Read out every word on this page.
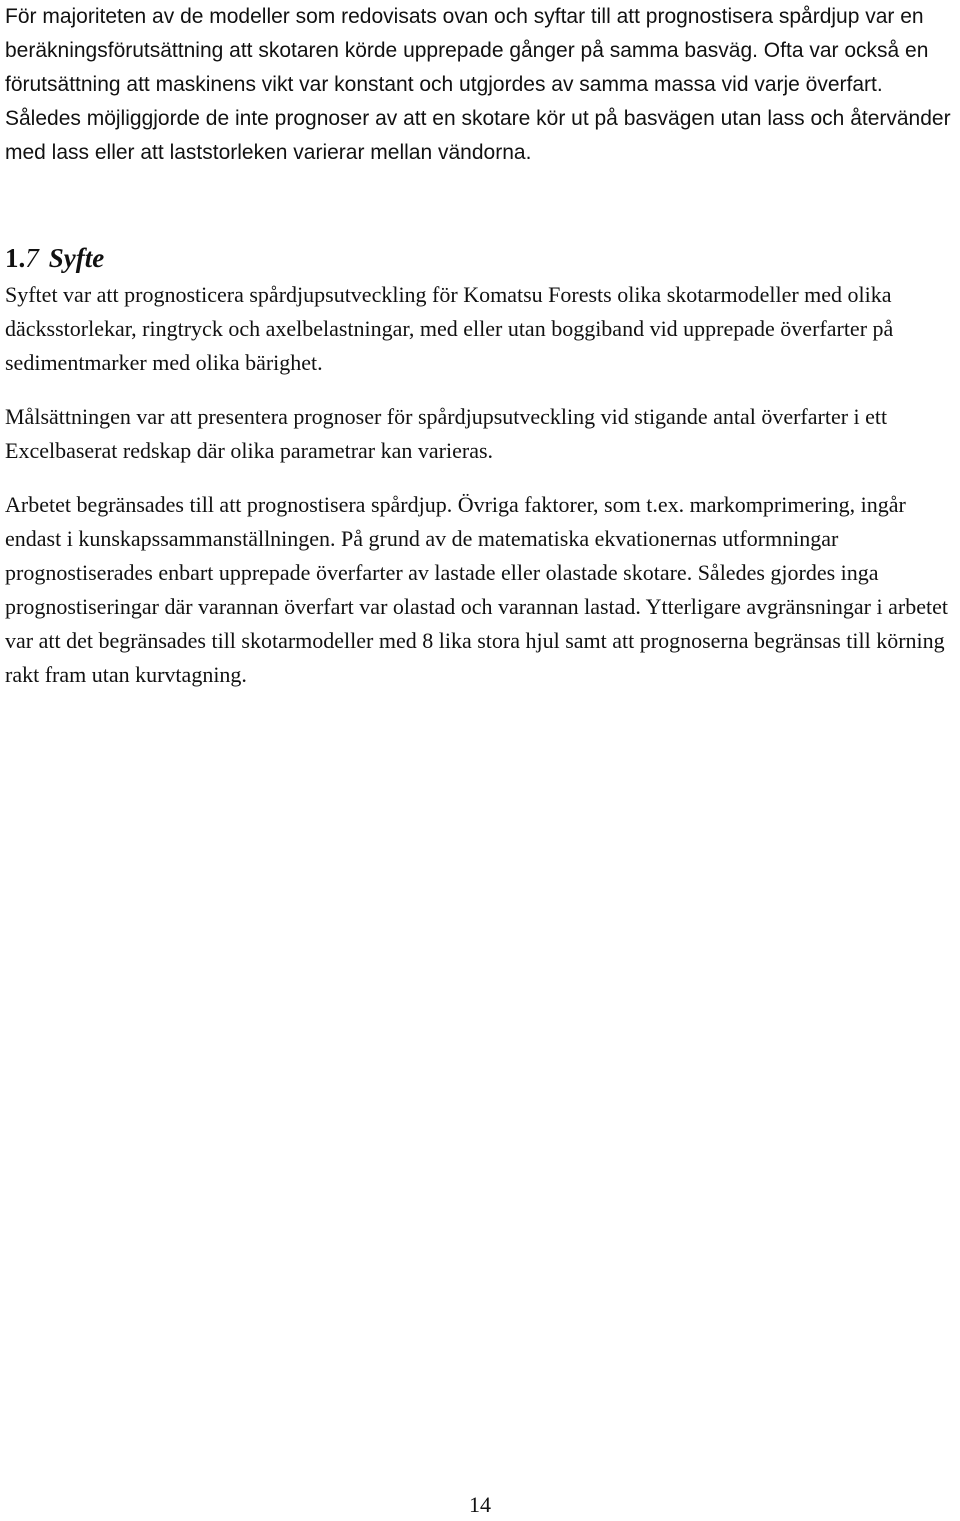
För majoriteten av de modeller som redovisats ovan och syftar till att prognostisera spårdjup var en beräkningsförutsättning att skotaren körde upprepade gånger på samma basväg. Ofta var också en förutsättning att maskinens vikt var konstant och utgjordes av samma massa vid varje överfart. Således möjliggjorde de inte prognoser av att en skotare kör ut på basvägen utan lass och återvänder med lass eller att laststorleken varierar mellan vändorna.

1.7 Syfte

Syftet var att prognosticera spårdjupsutveckling för Komatsu Forests olika skotarmodeller med olika däcksstorlekar, ringtryck och axelbelastningar, med eller utan boggiband vid upprepade överfarter på sedimentmarker med olika bärighet.

Målsättningen var att presentera prognoser för spårdjupsutveckling vid stigande antal överfarter i ett Excelbaserat redskap där olika parametrar kan varieras.

Arbetet begränsades till att prognostisera spårdjup. Övriga faktorer, som t.ex. markomprimering, ingår endast i kunskapssammanställningen. På grund av de matematiska ekvationernas utformningar prognostiserades enbart upprepade överfarter av lastade eller olastade skotare. Således gjordes inga prognostiseringar där varannan överfart var olastad och varannan lastad. Ytterligare avgränsningar i arbetet var att det begränsades till skotarmodeller med 8 lika stora hjul samt att prognoserna begränsas till körning rakt fram utan kurvtagning.

14
